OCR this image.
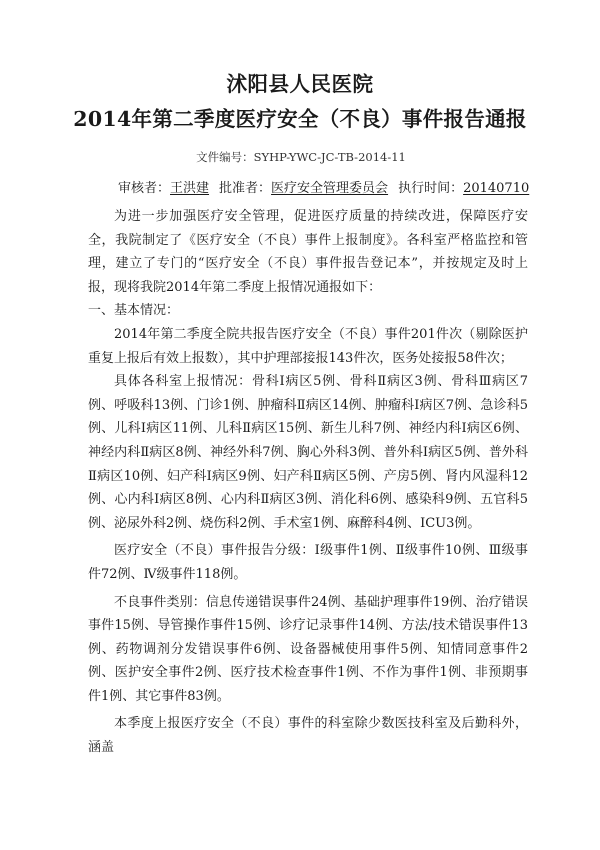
沭阳县人民医院
2014年第二季度医疗安全（不良）事件报告通报
文件编号：SYHP-YWC-JC-TB-2014-11
审核者：王洪建 批准者：医疗安全管理委员会 执行时间：20140710

为进一步加强医疗安全管理，促进医疗质量的持续改进，保障医疗安全，我院制定了《医疗安全（不良）事件上报制度》。各科室严格监控和管理，建立了专门的“医疗安全（不良）事件报告登记本”，并按规定及时上报，现将我院2014年第二季度上报情况通报如下：

一、基本情况：

2014年第二季度全院共报告医疗安全（不良）事件201件次（剔除医护重复上报后有效上报数），其中护理部接报143件次，医务处接报58件次；

具体各科室上报情况：骨科Ⅰ病区5例、骨科Ⅱ病区3例、骨科Ⅲ病区7例、呼吸科13例、门诊1例、肿瘤科Ⅱ病区14例、肿瘤科Ⅰ病区7例、急诊科5例、儿科Ⅰ病区11例、儿科Ⅱ病区15例、新生儿科7例、神经内科Ⅰ病区6例、神经内科Ⅱ病区8例、神经外科7例、胸心外科3例、普外科Ⅰ病区5例、普外科Ⅱ病区10例、妇产科Ⅰ病区9例、妇产科Ⅱ病区5例、产房5例、肾内风湿科12例、心内科Ⅰ病区8例、心内科Ⅱ病区3例、消化科6例、感染科9例、五官科5例、泌尿外科2例、烧伤科2例、手术室1例、麻醉科4例、ICU3例。

医疗安全（不良）事件报告分级：Ⅰ级事件1例、Ⅱ级事件10例、Ⅲ级事件72例、Ⅳ级事件118例。

不良事件类别：信息传递错误事件24例、基础护理事件19例、治疗错误事件15例、导管操作事件15例、诊疗记录事件14例、方法/技术错误事件13例、药物调剂分发错误事件6例、设备器械使用事件5例、知情同意事件2例、医护安全事件2例、医疗技术检查事件1例、不作为事件1例、非预期事件1例、其它事件83例。

本季度上报医疗安全（不良）事件的科室除少数医技科室及后勤科外，涵盖
